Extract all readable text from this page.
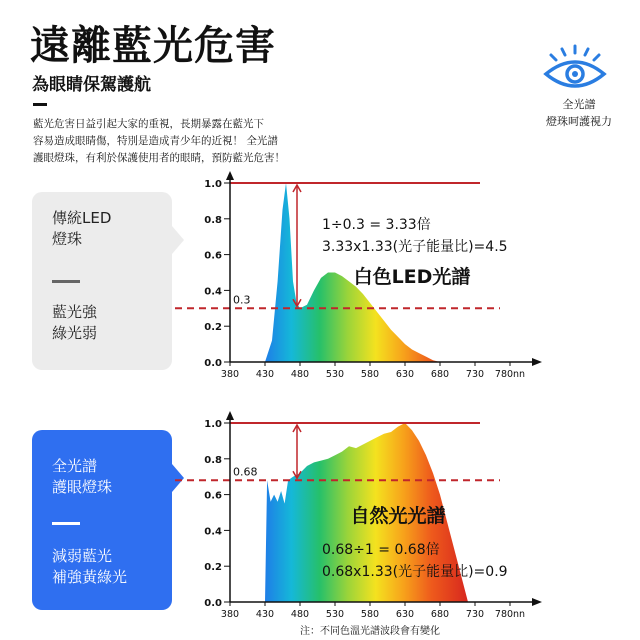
遠離藍光危害
為眼睛保駕護航
藍光危害日益引起大家的重視，長期暴露在藍光下
容易造成眼睛傷，特別是造成青少年的近視！ 全光譜
護眼燈珠，有利於保護使用者的眼睛，預防藍光危害！
全光譜
燈珠呵護視力
傳統LED
燈珠
藍光強
綠光弱
全光譜
護眼燈珠
減弱藍光
補強黃綠光
0.3
1.0
0.8
0.6
0.4
0.2
0.0
380 430 480 530 580 630 680 730 780nn
1÷0.3 = 3.33倍
3.33x1.33(光子能量比)=4.5
白色LED光譜
0.68
1.0
0.8
0.6
0.4
0.2
0.0
380 430 480 530 580 630 680 730 780nn
0.68÷1 = 0.68倍
0.68x1.33(光子能量比)=0.9
自然光光譜
注：不同色溫光譜波段會有變化
